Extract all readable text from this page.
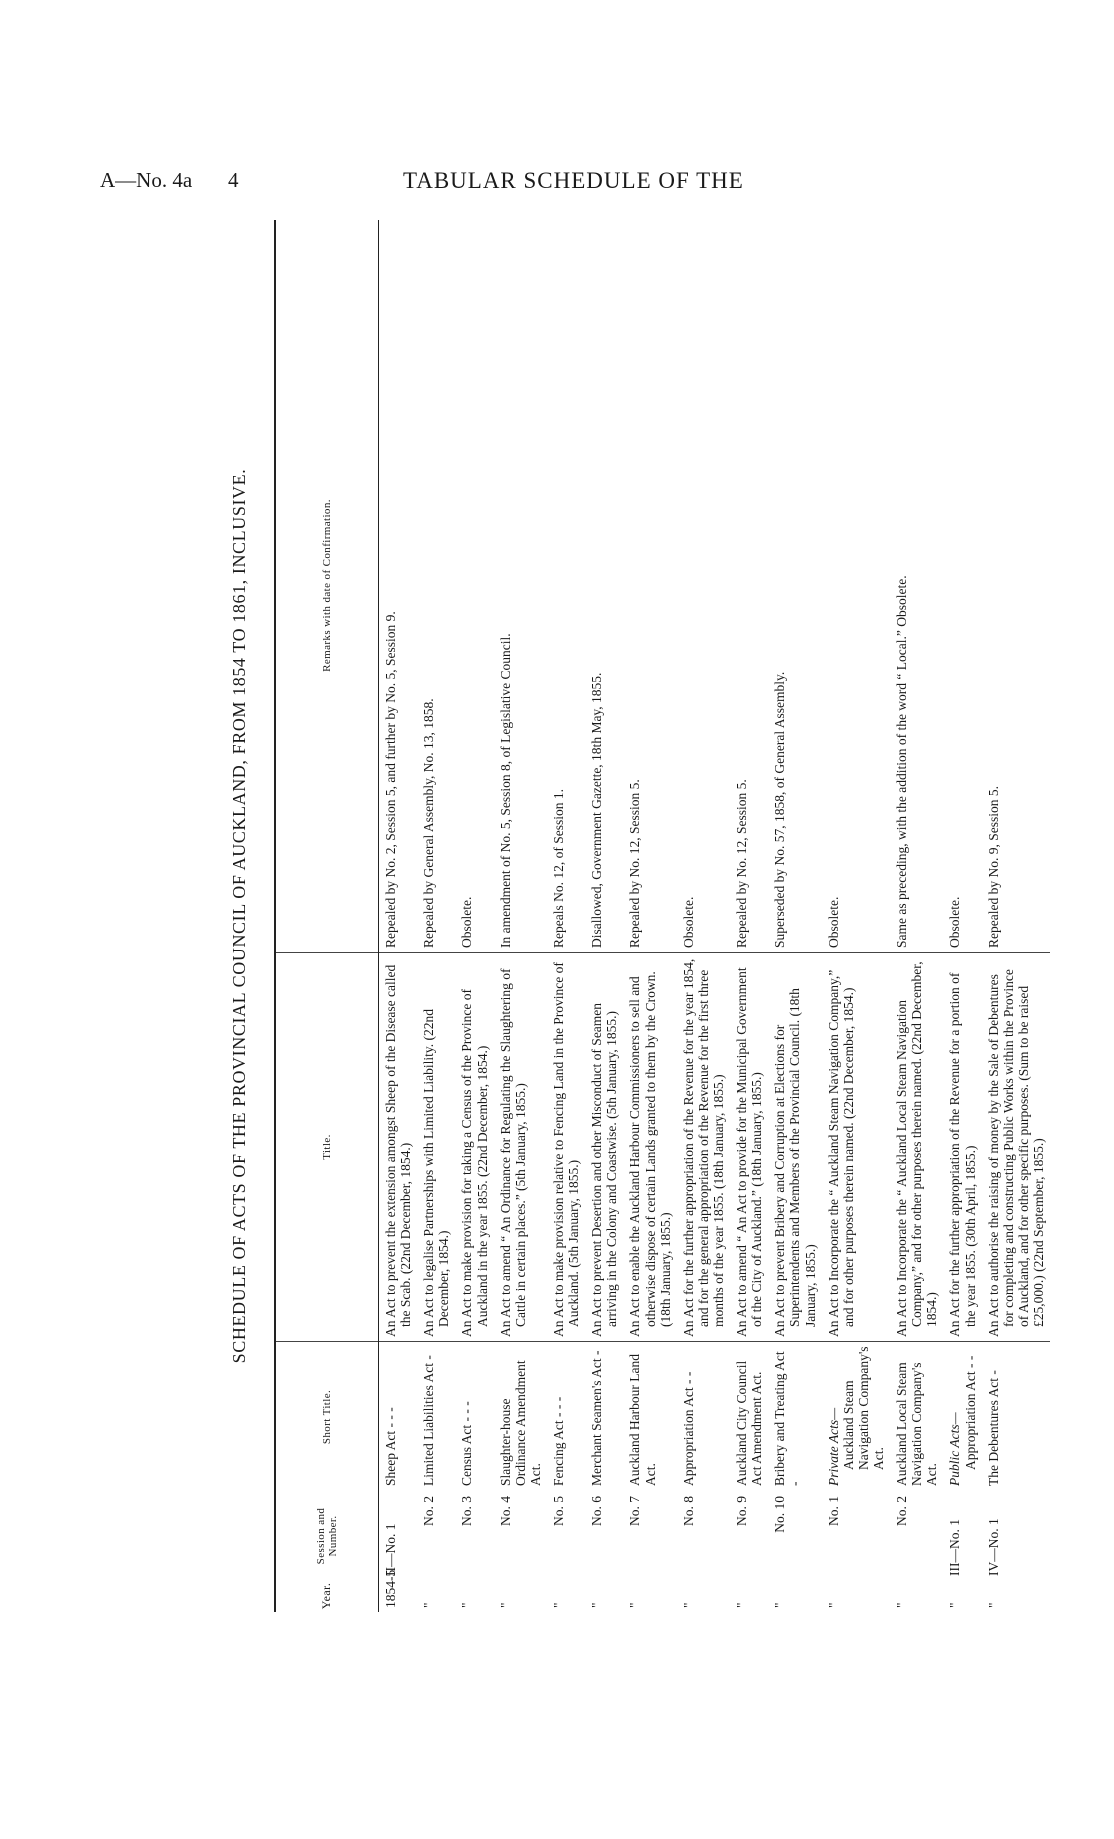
A—No. 4a 4	TABULAR SCHEDULE OF THE
SCHEDULE OF ACTS OF THE PROVINCIAL COUNCIL OF AUCKLAND, FROM 1854 TO 1861, INCLUSIVE.
Year.
Session and Number.
Short Title.
Title.
Remarks with date of Confirmation.
1854-5
II—No. 1
Sheep Act - - -
An Act to prevent the extension amongst Sheep of the Disease called the Scab. (22nd December, 1854.)
Repealed by No. 2, Session 5, and further by No. 5, Session 9.
"
No. 2
Limited Liabilities Act -
An Act to legalise Partnerships with Limited Liability. (22nd December, 1854.)
Repealed by General Assembly, No. 13, 1858.
"
No. 3
Census Act - - -
An Act to make provision for taking a Census of the Province of Auckland in the year 1855. (22nd December, 1854.)
Obsolete.
"
No. 4
Slaughter-house Ordinance Amendment Act.
An Act to amend “ An Ordinance for Regulating the Slaughtering of Cattle in certain places.” (5th January, 1855.)
In amendment of No. 5, Session 8, of Legislative Council.
"
No. 5
Fencing Act - - -
An Act to make provision relative to Fencing Land in the Province of Auckland. (5th January, 1855.)
Repeals No. 12, of Session 1.
"
No. 6
Merchant Seamen's Act -
An Act to prevent Desertion and other Misconduct of Seamen arriving in the Colony and Coastwise. (5th January, 1855.)
Disallowed, Government Gazette, 18th May, 1855.
"
No. 7
Auckland Harbour Land Act.
An Act to enable the Auckland Harbour Commissioners to sell and otherwise dispose of certain Lands granted to them by the Crown. (18th January, 1855.)
Repealed by No. 12, Session 5.
"
No. 8
Appropriation Act - -
An Act for the further appropriation of the Revenue for the year 1854, and for the general appropriation of the Revenue for the first three months of the year 1855. (18th January, 1855.)
Obsolete.
"
No. 9
Auckland City Council Act Amendment Act.
An Act to amend “ An Act to provide for the Municipal Government of the City of Auckland.” (18th January, 1855.)
Repealed by No. 12, Session 5.
"
No. 10
Bribery and Treating Act -
An Act to prevent Bribery and Corruption at Elections for Superintendents and Members of the Provincial Council. (18th January, 1855.)
Superseded by No. 57, 1858, of General Assembly.
"
No. 1
Private Acts— Auckland Steam Navigation Company's Act.
An Act to Incorporate the “ Auckland Steam Navigation Company,” and for other purposes therein named. (22nd December, 1854.)
Obsolete.
"
No. 2
Auckland Local Steam Navigation Company's Act.
An Act to Incorporate the “ Auckland Local Steam Navigation Company,” and for other purposes therein named. (22nd December, 1854.)
Same as preceding, with the addition of the word “ Local.” Obsolete.
"
III—No. 1
Public Acts— Appropriation Act - -
An Act for the further appropriation of the Revenue for a portion of the year 1855. (30th April, 1855.)
Obsolete.
"
IV—No. 1
The Debentures Act -
An Act to authorise the raising of money by the Sale of Debentures for completing and constructing Public Works within the Province of Auckland, and for other specific purposes. (Sum to be raised £25,000.) (22nd September, 1855.)
Repealed by No. 9, Session 5.
